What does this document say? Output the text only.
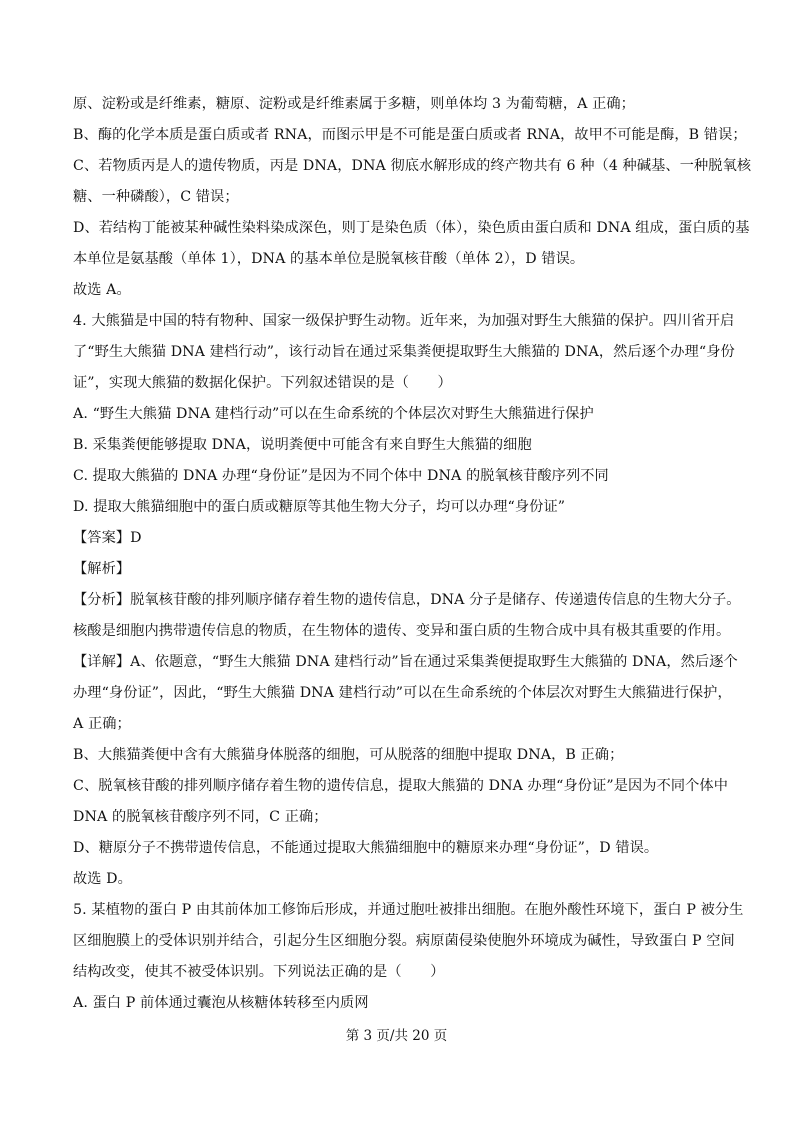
原、淀粉或是纤维素，糖原、淀粉或是纤维素属于多糖，则单体均 3 为葡萄糖，A 正确；
B、酶的化学本质是蛋白质或者 RNA，而图示甲是不可能是蛋白质或者 RNA，故甲不可能是酶，B 错误；
C、若物质丙是人的遗传物质，丙是 DNA，DNA 彻底水解形成的终产物共有 6 种（4 种碱基、一种脱氧核
糖、一种磷酸），C 错误；
D、若结构丁能被某种碱性染料染成深色，则丁是染色质（体），染色质由蛋白质和 DNA 组成，蛋白质的基
本单位是氨基酸（单体 1），DNA 的基本单位是脱氧核苷酸（单体 2），D 错误。
故选 A。
4. 大熊猫是中国的特有物种、国家一级保护野生动物。近年来，为加强对野生大熊猫的保护。四川省开启
了“野生大熊猫 DNA 建档行动”，该行动旨在通过采集粪便提取野生大熊猫的 DNA，然后逐个办理“身份
证”，实现大熊猫的数据化保护。下列叙述错误的是（　　）
A. “野生大熊猫 DNA 建档行动”可以在生命系统的个体层次对野生大熊猫进行保护
B. 采集粪便能够提取 DNA，说明粪便中可能含有来自野生大熊猫的细胞
C. 提取大熊猫的 DNA 办理“身份证”是因为不同个体中 DNA 的脱氧核苷酸序列不同
D. 提取大熊猫细胞中的蛋白质或糖原等其他生物大分子，均可以办理“身份证”
【答案】D
【解析】
【分析】脱氧核苷酸的排列顺序储存着生物的遗传信息，DNA 分子是储存、传递遗传信息的生物大分子。
核酸是细胞内携带遗传信息的物质，在生物体的遗传、变异和蛋白质的生物合成中具有极其重要的作用。
【详解】A、依题意，“野生大熊猫 DNA 建档行动”旨在通过采集粪便提取野生大熊猫的 DNA，然后逐个
办理“身份证”，因此，“野生大熊猫 DNA 建档行动”可以在生命系统的个体层次对野生大熊猫进行保护，
A 正确；
B、大熊猫粪便中含有大熊猫身体脱落的细胞，可从脱落的细胞中提取 DNA，B 正确；
C、脱氧核苷酸的排列顺序储存着生物的遗传信息，提取大熊猫的 DNA 办理“身份证”是因为不同个体中
DNA 的脱氧核苷酸序列不同，C 正确；
D、糖原分子不携带遗传信息，不能通过提取大熊猫细胞中的糖原来办理“身份证”，D 错误。
故选 D。
5. 某植物的蛋白 P 由其前体加工修饰后形成，并通过胞吐被排出细胞。在胞外酸性环境下，蛋白 P 被分生
区细胞膜上的受体识别并结合，引起分生区细胞分裂。病原菌侵染使胞外环境成为碱性，导致蛋白 P 空间
结构改变，使其不被受体识别。下列说法正确的是（　　）
A. 蛋白 P 前体通过囊泡从核糖体转移至内质网
第 3 页/共 20 页
